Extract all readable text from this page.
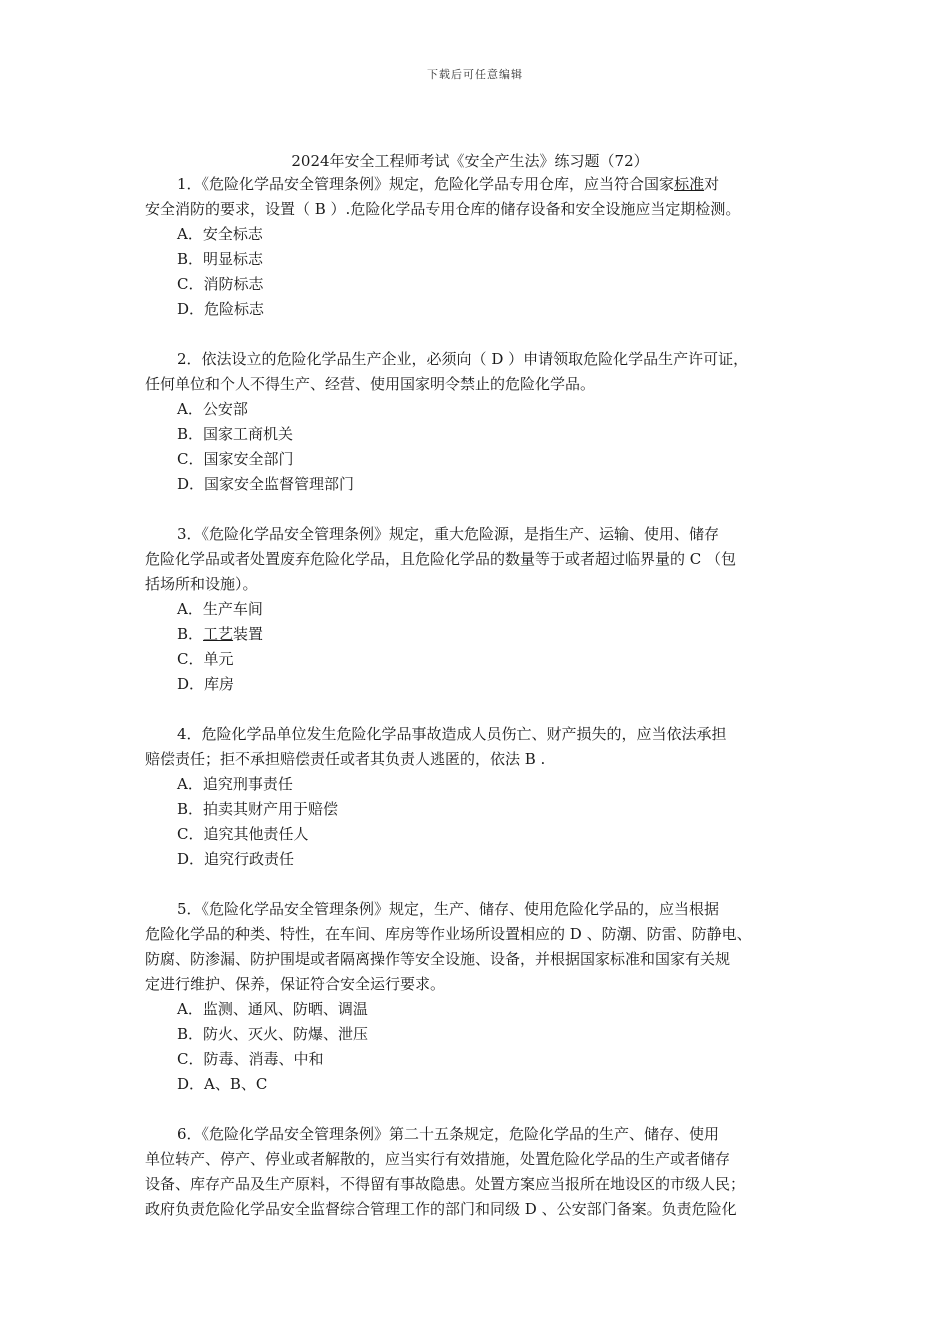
下载后可任意编辑
2024年安全工程师考试《安全产生法》练习题（72）
1．《危险化学品安全管理条例》规定，危险化学品专用仓库，应当符合国家标准对
安全消防的要求，设置（ B ）.危险化学品专用仓库的储存设备和安全设施应当定期检测。
A．安全标志
B．明显标志
C．消防标志
D．危险标志
2．依法设立的危险化学品生产企业，必须向（ D ）申请领取危险化学品生产许可证，
任何单位和个人不得生产、经营、使用国家明令禁止的危险化学品。
A．公安部
B．国家工商机关
C．国家安全部门
D．国家安全监督管理部门
3．《危险化学品安全管理条例》规定，重大危险源，是指生产、运输、使用、储存
危险化学品或者处置废弃危险化学品，且危险化学品的数量等于或者超过临界量的 C （包
括场所和设施）。
A．生产车间
B．工艺装置
C．单元
D．库房
4．危险化学品单位发生危险化学品事故造成人员伤亡、财产损失的，应当依法承担
赔偿责任；拒不承担赔偿责任或者其负责人逃匿的，依法 B .
A．追究刑事责任
B．拍卖其财产用于赔偿
C．追究其他责任人
D．追究行政责任
5．《危险化学品安全管理条例》规定，生产、储存、使用危险化学品的，应当根据
危险化学品的种类、特性，在车间、库房等作业场所设置相应的 D 、防潮、防雷、防静电、
防腐、防渗漏、防护围堤或者隔离操作等安全设施、设备，并根据国家标准和国家有关规
定进行维护、保养，保证符合安全运行要求。
A．监测、通风、防晒、调温
B．防火、灭火、防爆、泄压
C．防毒、消毒、中和
D．A、B、C
6．《危险化学品安全管理条例》第二十五条规定，危险化学品的生产、储存、使用
单位转产、停产、停业或者解散的，应当实行有效措施，处置危险化学品的生产或者储存
设备、库存产品及生产原料，不得留有事故隐患。处置方案应当报所在地设区的市级人民；
政府负责危险化学品安全监督综合管理工作的部门和同级 D 、公安部门备案。负责危险化
